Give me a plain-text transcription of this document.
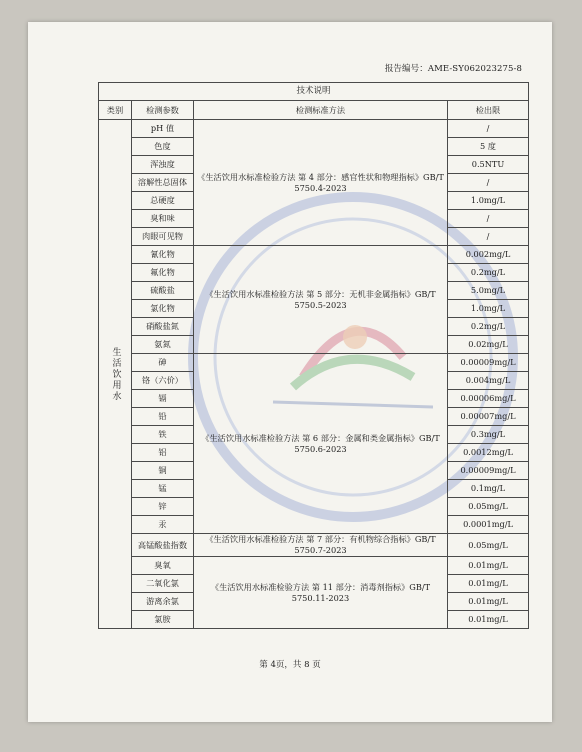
报告编号：AME-SY062023275-8
技术说明			
类别	检测参数	检测标准方法	检出限
生活饮用水	pH 值	《生活饮用水标准检验方法 第 4 部分：感官性状和物理指标》GB/T 5750.4-2023	/
	色度		5 度
	浑浊度		0.5NTU
	溶解性总固体		/
	总硬度		1.0mg/L
	臭和味		/
	肉眼可见物		/
	氰化物	《生活饮用水标准检验方法 第 5 部分：无机非金属指标》GB/T 5750.5-2023	0.002mg/L
	氟化物		0.2mg/L
	硫酸盐		5.0mg/L
	氯化物		1.0mg/L
	硝酸盐氮		0.2mg/L
	氨氮		0.02mg/L
	砷	《生活饮用水标准检验方法 第 6 部分：金属和类金属指标》GB/T 5750.6-2023	0.00009mg/L
	铬（六价）		0.004mg/L
	镉		0.00006mg/L
	铅		0.00007mg/L
	铁		0.3mg/L
	铝		0.0012mg/L
	铜		0.00009mg/L
	锰		0.1mg/L
	锌		0.05mg/L
	汞		0.0001mg/L
	高锰酸盐指数	《生活饮用水标准检验方法 第 7 部分：有机物综合指标》GB/T 5750.7-2023	0.05mg/L
	臭氧	《生活饮用水标准检验方法 第 11 部分：消毒剂指标》GB/T 5750.11-2023	0.01mg/L
	二氧化氯		0.01mg/L
	游离余氯		0.01mg/L
	氯胺		0.01mg/L
第 4页，共 8 页
